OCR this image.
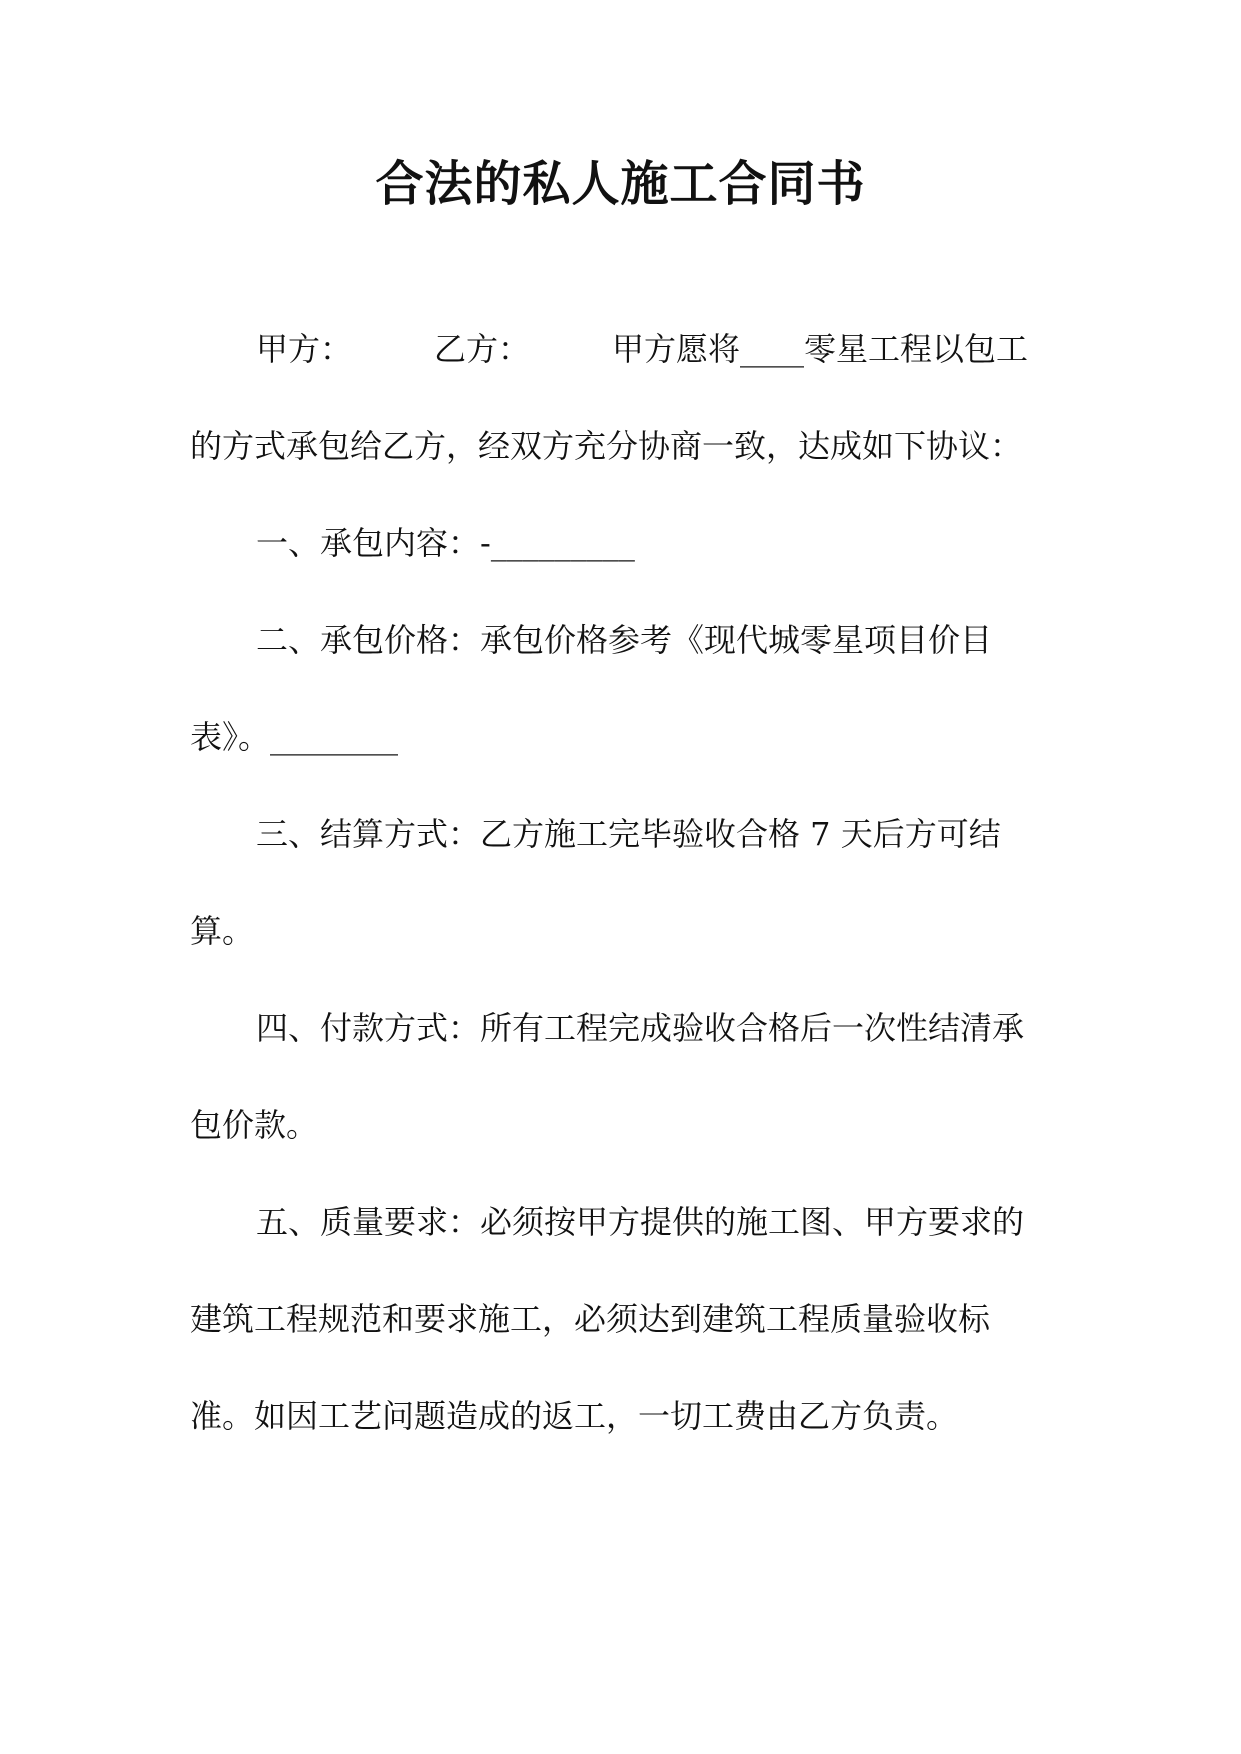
合法的私人施工合同书

甲方：	乙方：	甲方愿将____零星工程以包工的方式承包给乙方，经双方充分协商一致，达成如下协议：

一、承包内容：-_________

二、承包价格：承包价格参考《现代城零星项目价目表》。________

三、结算方式：乙方施工完毕验收合格 7 天后方可结算。

四、付款方式：所有工程完成验收合格后一次性结清承包价款。

五、质量要求：必须按甲方提供的施工图、甲方要求的建筑工程规范和要求施工，必须达到建筑工程质量验收标准。如因工艺问题造成的返工，一切工费由乙方负责。
